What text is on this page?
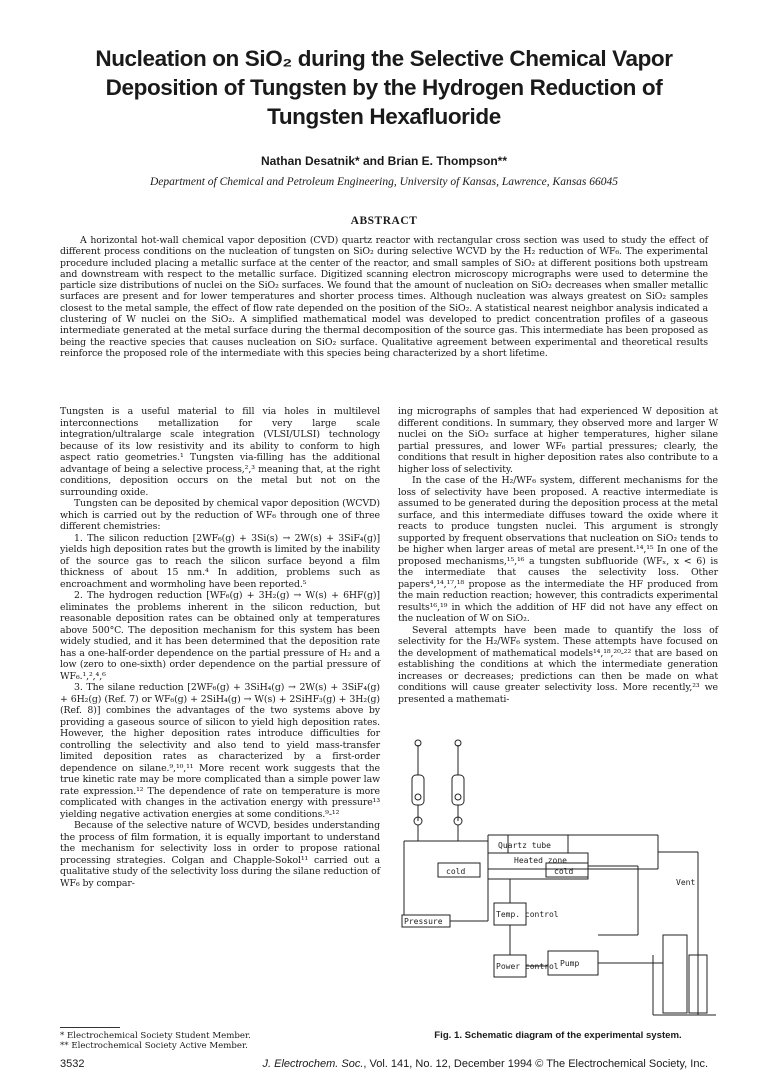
Nucleation on SiO₂ during the Selective Chemical Vapor Deposition of Tungsten by the Hydrogen Reduction of Tungsten Hexafluoride

Nathan Desatnik* and Brian E. Thompson**

Department of Chemical and Petroleum Engineering, University of Kansas, Lawrence, Kansas 66045

ABSTRACT

A horizontal hot-wall chemical vapor deposition (CVD) quartz reactor with rectangular cross section was used to study the effect of different process conditions on the nucleation of tungsten on SiO₂ during selective WCVD by the H₂ reduction of WF₆. The experimental procedure included placing a metallic surface at the center of the reactor, and small samples of SiO₂ at different positions both upstream and downstream with respect to the metallic surface. Digitized scanning electron microscopy micrographs were used to determine the particle size distributions of nuclei on the SiO₂ surfaces. We found that the amount of nucleation on SiO₂ decreases when smaller metallic surfaces are present and for lower temperatures and shorter process times. Although nucleation was always greatest on SiO₂ samples closest to the metal sample, the effect of flow rate depended on the position of the SiO₂. A statistical nearest neighbor analysis indicated a clustering of W nuclei on the SiO₂. A simplified mathematical model was developed to predict concentration profiles of a gaseous intermediate generated at the metal surface during the thermal decomposition of the source gas. This intermediate has been proposed as being the reactive species that causes nucleation on SiO₂ surface. Qualitative agreement between experimental and theoretical results reinforce the proposed role of the intermediate with this species being characterized by a short lifetime.

Tungsten is a useful material to fill via holes in multilevel interconnections metallization for very large scale integration/ultralarge scale integration (VLSI/ULSI) technology because of its low resistivity and its ability to conform to high aspect ratio geometries.¹ Tungsten via-filling has the additional advantage of being a selective process,²,³ meaning that, at the right conditions, deposition occurs on the metal but not on the surrounding oxide.

Tungsten can be deposited by chemical vapor deposition (WCVD) which is carried out by the reduction of WF₆ through one of three different chemistries:

1. The silicon reduction [2WF₆(g) + 3Si(s) → 2W(s) + 3SiF₄(g)] yields high deposition rates but the growth is limited by the inability of the source gas to reach the silicon surface beyond a film thickness of about 15 nm.⁴ In addition, problems such as encroachment and wormholing have been reported.⁵

2. The hydrogen reduction [WF₆(g) + 3H₂(g) → W(s) + 6HF(g)] eliminates the problems inherent in the silicon reduction, but reasonable deposition rates can be obtained only at temperatures above 500°C. The deposition mechanism for this system has been widely studied, and it has been determined that the deposition rate has a one-half-order dependence on the partial pressure of H₂ and a low (zero to one-sixth) order dependence on the partial pressure of WF₆.¹,²,⁴,⁶

3. The silane reduction [2WF₆(g) + 3SiH₄(g) → 2W(s) + 3SiF₄(g) + 6H₂(g) (Ref. 7) or WF₆(g) + 2SiH₄(g) → W(s) + 2SiHF₃(g) + 3H₂(g) (Ref. 8)] combines the advantages of the two systems above by providing a gaseous source of silicon to yield high deposition rates. However, the higher deposition rates introduce difficulties for controlling the selectivity and also tend to yield mass-transfer limited deposition rates as characterized by a first-order dependence on silane.⁹,¹⁰,¹¹ More recent work suggests that the true kinetic rate may be more complicated than a simple power law rate expression.¹² The dependence of rate on temperature is more complicated with changes in the activation energy with pressure¹³ yielding negative activation energies at some conditions.⁹-¹²

Because of the selective nature of WCVD, besides understanding the process of film formation, it is equally important to understand the mechanism for selectivity loss in order to propose rational processing strategies. Colgan and Chapple-Sokol¹¹ carried out a qualitative study of the selectivity loss during the silane reduction of WF₆ by compar-

ing micrographs of samples that had experienced W deposition at different conditions. In summary, they observed more and larger W nuclei on the SiO₂ surface at higher temperatures, higher silane partial pressures, and lower WF₆ partial pressures; clearly, the conditions that result in higher deposition rates also contribute to a higher loss of selectivity.

In the case of the H₂/WF₆ system, different mechanisms for the loss of selectivity have been proposed. A reactive intermediate is assumed to be generated during the deposition process at the metal surface, and this intermediate diffuses toward the oxide where it reacts to produce tungsten nuclei. This argument is strongly supported by frequent observations that nucleation on SiO₂ tends to be higher when larger areas of metal are present.¹⁴,¹⁵ In one of the proposed mechanisms,¹⁵,¹⁶ a tungsten subfluoride (WFₓ, x < 6) is the intermediate that causes the selectivity loss. Other papers⁴,¹⁴,¹⁷,¹⁸ propose as the intermediate the HF produced from the main reduction reaction; however, this contradicts experimental results¹⁶,¹⁹ in which the addition of HF did not have any effect on the nucleation of W on SiO₂.

Several attempts have been made to quantify the loss of selectivity for the H₂/WF₆ system. These attempts have focused on the development of mathematical models¹⁴,¹⁸,²⁰-²² that are based on establishing the conditions at which the intermediate generation increases or decreases; predictions can then be made on what conditions will cause greater selectivity loss. More recently,²³ we presented a mathemati-

Quartz tube
Heated zone
cold	cold
Vent
Pressure
Temp. control
Power control Pump
Fig. 1. Schematic diagram of the experimental system.
* Electrochemical Society Student Member.
** Electrochemical Society Active Member.
3532	J. Electrochem. Soc., Vol. 141, No. 12, December 1994 © The Electrochemical Society, Inc.
